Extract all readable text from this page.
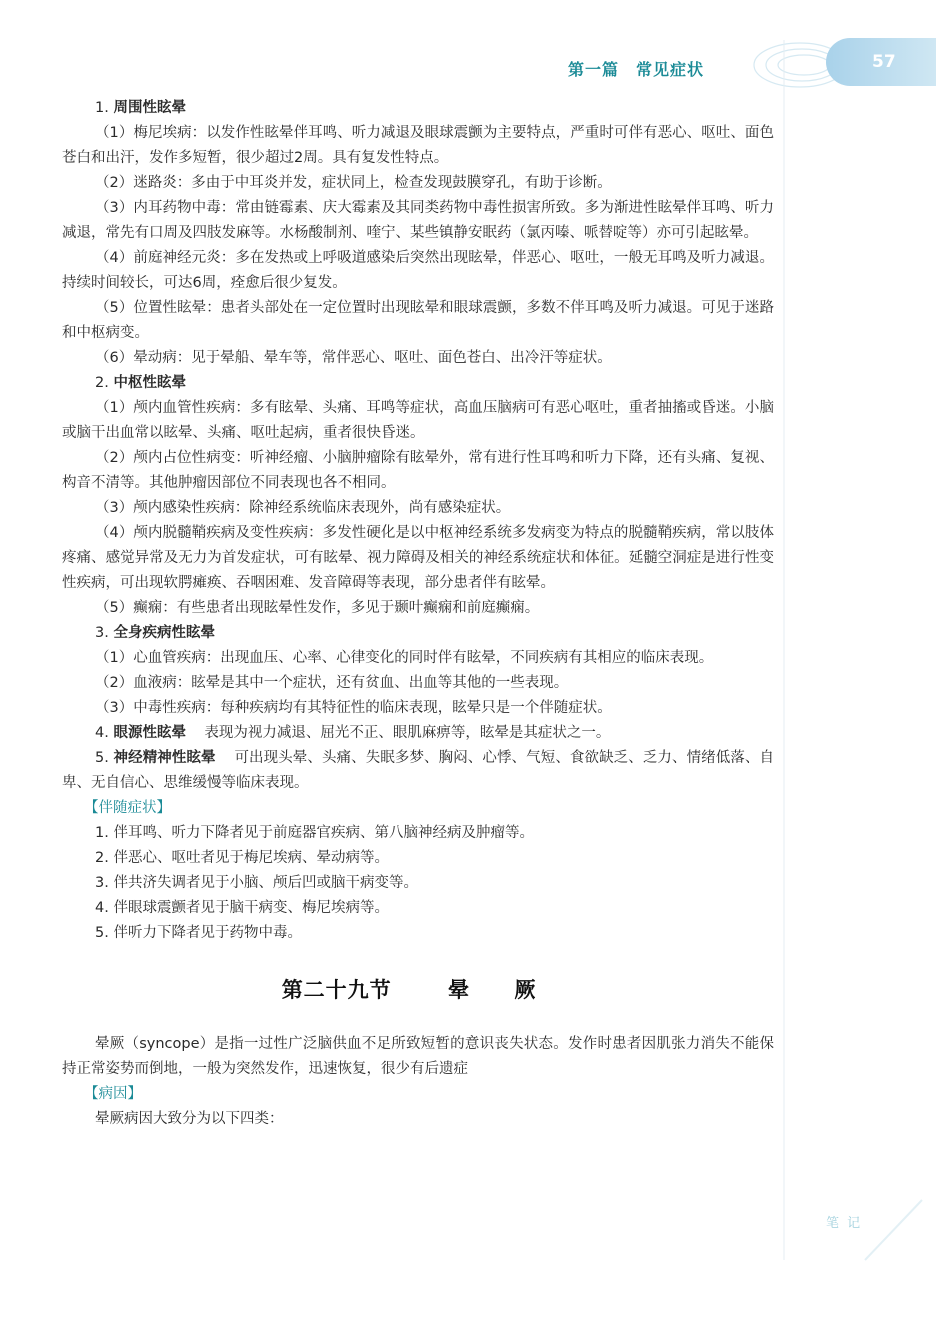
第一篇　常见症状	57

1. 周围性眩晕

（1）梅尼埃病：以发作性眩晕伴耳鸣、听力减退及眼球震颤为主要特点，严重时可伴有恶心、呕吐、面色苍白和出汗，发作多短暂，很少超过2周。具有复发性特点。

（2）迷路炎：多由于中耳炎并发，症状同上，检查发现鼓膜穿孔，有助于诊断。

（3）内耳药物中毒：常由链霉素、庆大霉素及其同类药物中毒性损害所致。多为渐进性眩晕伴耳鸣、听力减退，常先有口周及四肢发麻等。水杨酸制剂、喹宁、某些镇静安眠药（氯丙嗪、哌替啶等）亦可引起眩晕。

（4）前庭神经元炎：多在发热或上呼吸道感染后突然出现眩晕，伴恶心、呕吐，一般无耳鸣及听力减退。持续时间较长，可达6周，痊愈后很少复发。

（5）位置性眩晕：患者头部处在一定位置时出现眩晕和眼球震颤，多数不伴耳鸣及听力减退。可见于迷路和中枢病变。

（6）晕动病：见于晕船、晕车等，常伴恶心、呕吐、面色苍白、出冷汗等症状。

2. 中枢性眩晕

（1）颅内血管性疾病：多有眩晕、头痛、耳鸣等症状，高血压脑病可有恶心呕吐，重者抽搐或昏迷。小脑或脑干出血常以眩晕、头痛、呕吐起病，重者很快昏迷。

（2）颅内占位性病变：听神经瘤、小脑肿瘤除有眩晕外，常有进行性耳鸣和听力下降，还有头痛、复视、构音不清等。其他肿瘤因部位不同表现也各不相同。

（3）颅内感染性疾病：除神经系统临床表现外，尚有感染症状。

（4）颅内脱髓鞘疾病及变性疾病：多发性硬化是以中枢神经系统多发病变为特点的脱髓鞘疾病，常以肢体疼痛、感觉异常及无力为首发症状，可有眩晕、视力障碍及相关的神经系统症状和体征。延髓空洞症是进行性变性疾病，可出现软腭瘫痪、吞咽困难、发音障碍等表现，部分患者伴有眩晕。

（5）癫痫：有些患者出现眩晕性发作，多见于颞叶癫痫和前庭癫痫。

3. 全身疾病性眩晕

（1）心血管疾病：出现血压、心率、心律变化的同时伴有眩晕，不同疾病有其相应的临床表现。

（2）血液病：眩晕是其中一个症状，还有贫血、出血等其他的一些表现。

（3）中毒性疾病：每种疾病均有其特征性的临床表现，眩晕只是一个伴随症状。

4. 眼源性眩晕 表现为视力减退、屈光不正、眼肌麻痹等，眩晕是其症状之一。

5. 神经精神性眩晕 可出现头晕、头痛、失眠多梦、胸闷、心悸、气短、食欲缺乏、乏力、情绪低落、自卑、无自信心、思维缓慢等临床表现。

【伴随症状】

1. 伴耳鸣、听力下降者见于前庭器官疾病、第八脑神经病及肿瘤等。

2. 伴恶心、呕吐者见于梅尼埃病、晕动病等。

3. 伴共济失调者见于小脑、颅后凹或脑干病变等。

4. 伴眼球震颤者见于脑干病变、梅尼埃病等。

5. 伴听力下降者见于药物中毒。

第二十九节	晕 厥

晕厥（syncope）是指一过性广泛脑供血不足所致短暂的意识丧失状态。发作时患者因肌张力消失不能保持正常姿势而倒地，一般为突然发作，迅速恢复，很少有后遗症

【病因】

晕厥病因大致分为以下四类：

笔 记
